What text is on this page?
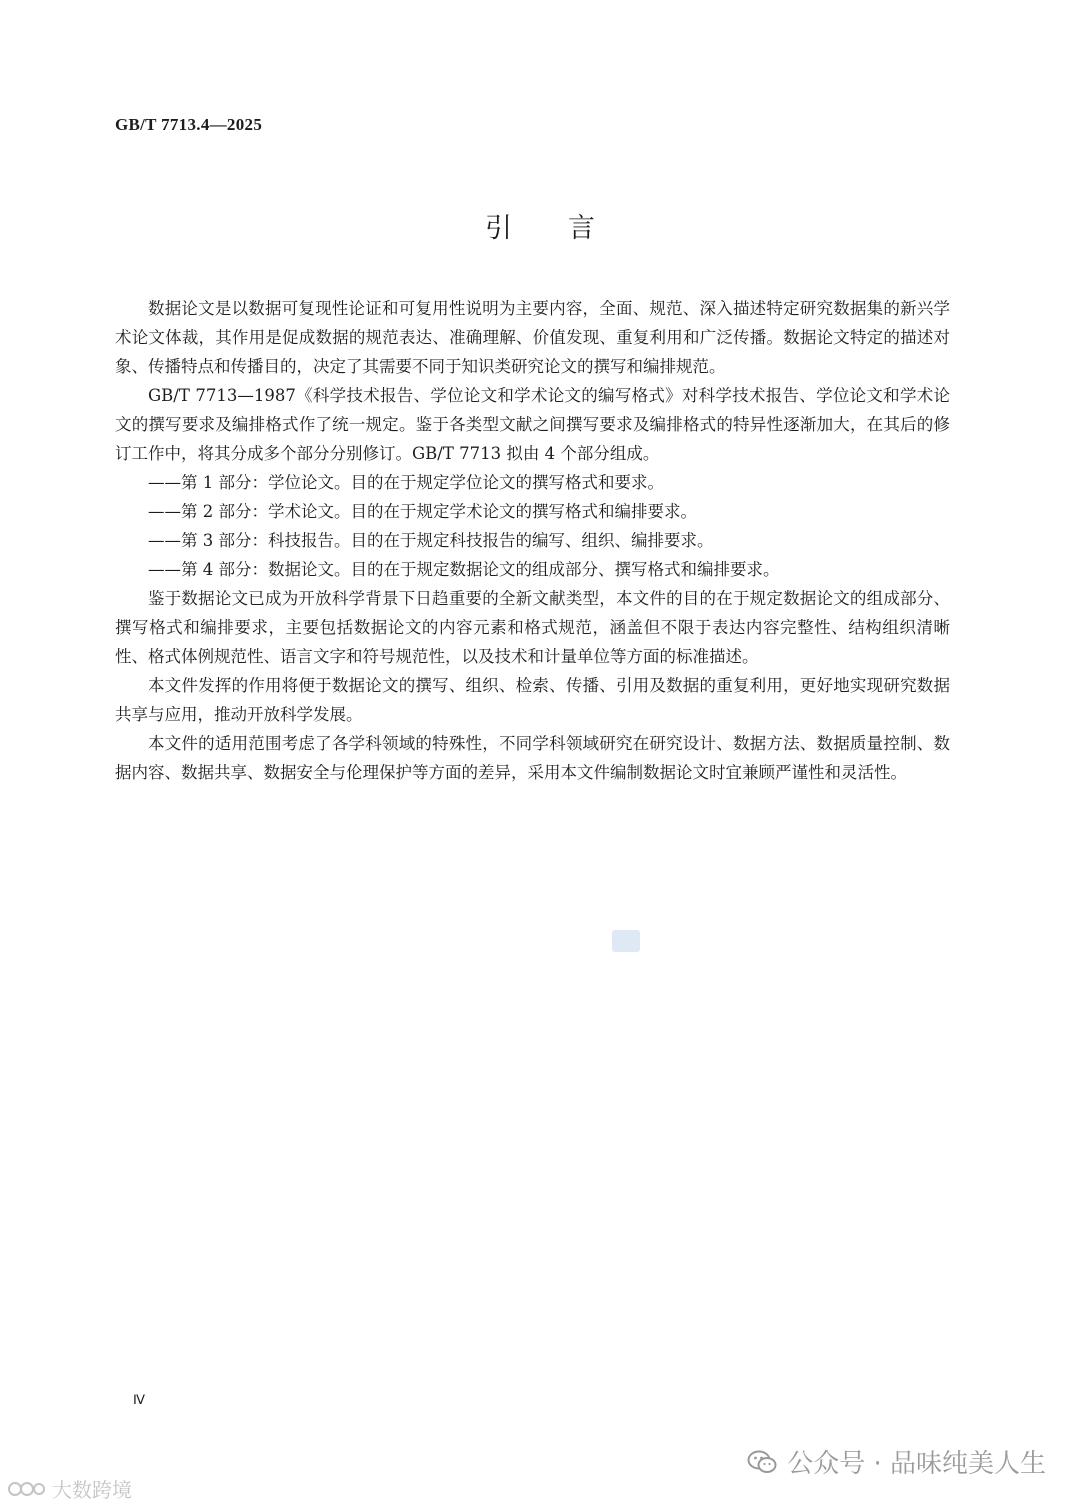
GB/T 7713.4—2025
引言

数据论文是以数据可复现性论证和可复用性说明为主要内容，全面、规范、深入描述特定研究数据集的新兴学术论文体裁，其作用是促成数据的规范表达、准确理解、价值发现、重复利用和广泛传播。数据论文特定的描述对象、传播特点和传播目的，决定了其需要不同于知识类研究论文的撰写和编排规范。

GB/T 7713—1987《科学技术报告、学位论文和学术论文的编写格式》对科学技术报告、学位论文和学术论文的撰写要求及编排格式作了统一规定。鉴于各类型文献之间撰写要求及编排格式的特异性逐渐加大，在其后的修订工作中，将其分成多个部分分别修订。GB/T 7713 拟由 4 个部分组成。

——第 1 部分：学位论文。目的在于规定学位论文的撰写格式和要求。

——第 2 部分：学术论文。目的在于规定学术论文的撰写格式和编排要求。

——第 3 部分：科技报告。目的在于规定科技报告的编写、组织、编排要求。

——第 4 部分：数据论文。目的在于规定数据论文的组成部分、撰写格式和编排要求。

鉴于数据论文已成为开放科学背景下日趋重要的全新文献类型，本文件的目的在于规定数据论文的组成部分、撰写格式和编排要求，主要包括数据论文的内容元素和格式规范，涵盖但不限于表达内容完整性、结构组织清晰性、格式体例规范性、语言文字和符号规范性，以及技术和计量单位等方面的标准描述。

本文件发挥的作用将便于数据论文的撰写、组织、检索、传播、引用及数据的重复利用，更好地实现研究数据共享与应用，推动开放科学发展。

本文件的适用范围考虑了各学科领域的特殊性，不同学科领域研究在研究设计、数据方法、数据质量控制、数据内容、数据共享、数据安全与伦理保护等方面的差异，采用本文件编制数据论文时宜兼顾严谨性和灵活性。

Ⅳ
公众号 · 品味纯美人生
大数跨境
